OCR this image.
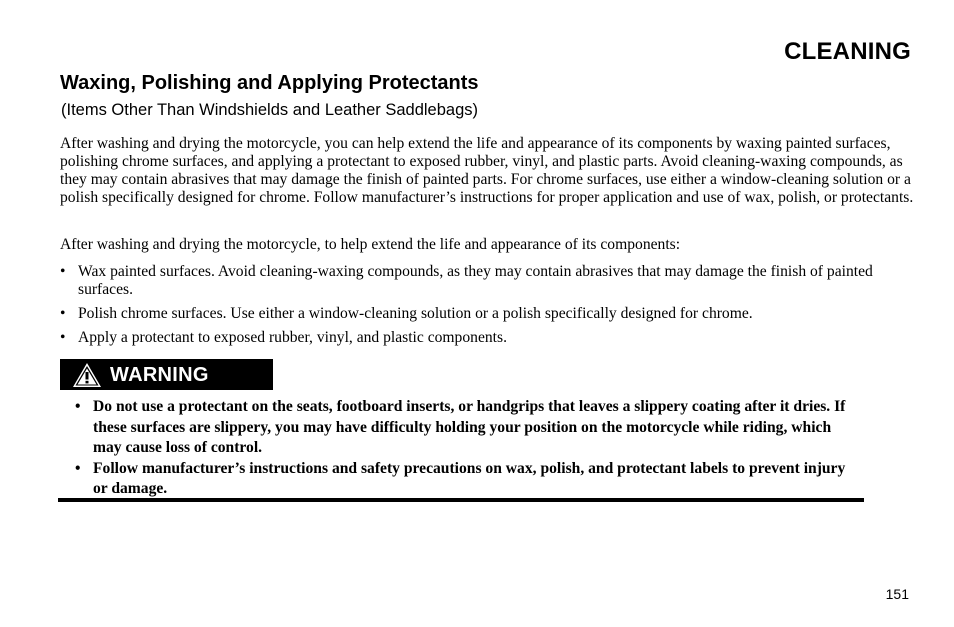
CLEANING
Waxing, Polishing and Applying Protectants

(Items Other Than Windshields and Leather Saddlebags)

After washing and drying the motorcycle, you can help extend the life and appearance of its components by waxing painted surfaces, polishing chrome surfaces, and applying a protectant to exposed rubber, vinyl, and plastic parts. Avoid cleaning-waxing compounds, as they may contain abrasives that may damage the finish of painted parts. For chrome surfaces, use either a window-cleaning solution or a polish specifically designed for chrome. Follow manufacturer’s instructions for proper application and use of wax, polish, or protectants.

After washing and drying the motorcycle, to help extend the life and appearance of its components:

• Wax painted surfaces. Avoid cleaning-waxing compounds, as they may contain abrasives that may damage the finish of painted surfaces.
• Polish chrome surfaces. Use either a window-cleaning solution or a polish specifically designed for chrome.
• Apply a protectant to exposed rubber, vinyl, and plastic components.
WARNING
• Do not use a protectant on the seats, footboard inserts, or handgrips that leaves a slippery coating after it dries. If these surfaces are slippery, you may have difficulty holding your position on the motorcycle while riding, which may cause loss of control.
• Follow manufacturer’s instructions and safety precautions on wax, polish, and protectant labels to prevent injury or damage.

151
